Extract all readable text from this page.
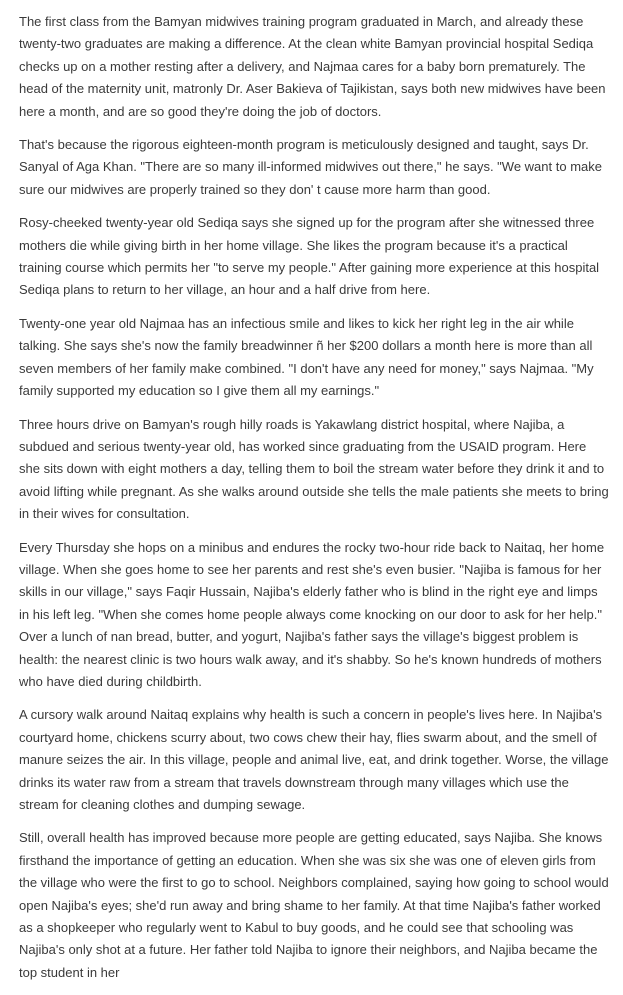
The first class from the Bamyan midwives training program graduated in March, and already these twenty-two graduates are making a difference. At the clean white Bamyan provincial hospital Sediqa checks up on a mother resting after a delivery, and Najmaa cares for a baby born prematurely. The head of the maternity unit, matronly Dr. Aser Bakieva of Tajikistan, says both new midwives have been here a month, and are so good they're doing the job of doctors.

That's because the rigorous eighteen-month program is meticulously designed and taught, says Dr. Sanyal of Aga Khan. "There are so many ill-informed midwives out there," he says. "We want to make sure our midwives are properly trained so they don' t cause more harm than good.

Rosy-cheeked twenty-year old Sediqa says she signed up for the program after she witnessed three mothers die while giving birth in her home village. She likes the program because it's a practical training course which permits her "to serve my people." After gaining more experience at this hospital Sediqa plans to return to her village, an hour and a half drive from here.

Twenty-one year old Najmaa has an infectious smile and likes to kick her right leg in the air while talking. She says she's now the family breadwinner ñ her $200 dollars a month here is more than all seven members of her family make combined. "I don't have any need for money," says Najmaa. "My family supported my education so I give them all my earnings."

Three hours drive on Bamyan's rough hilly roads is Yakawlang district hospital, where Najiba, a subdued and serious twenty-year old, has worked since graduating from the USAID program. Here she sits down with eight mothers a day, telling them to boil the stream water before they drink it and to avoid lifting while pregnant. As she walks around outside she tells the male patients she meets to bring in their wives for consultation.

Every Thursday she hops on a minibus and endures the rocky two-hour ride back to Naitaq, her home village. When she goes home to see her parents and rest she's even busier. "Najiba is famous for her skills in our village," says Faqir Hussain, Najiba's elderly father who is blind in the right eye and limps in his left leg. "When she comes home people always come knocking on our door to ask for her help." Over a lunch of nan bread, butter, and yogurt, Najiba's father says the village's biggest problem is health: the nearest clinic is two hours walk away, and it's shabby. So he's known hundreds of mothers who have died during childbirth.

A cursory walk around Naitaq explains why health is such a concern in people's lives here. In Najiba's courtyard home, chickens scurry about, two cows chew their hay, flies swarm about, and the smell of manure seizes the air. In this village, people and animal live, eat, and drink together. Worse, the village drinks its water raw from a stream that travels downstream through many villages which use the stream for cleaning clothes and dumping sewage.

Still, overall health has improved because more people are getting educated, says Najiba. She knows firsthand the importance of getting an education. When she was six she was one of eleven girls from the village who were the first to go to school. Neighbors complained, saying how going to school would open Najiba's eyes; she'd run away and bring shame to her family. At that time Najiba's father worked as a shopkeeper who regularly went to Kabul to buy goods, and he could see that schooling was Najiba's only shot at a future. Her father told Najiba to ignore their neighbors, and Najiba became the top student in her
